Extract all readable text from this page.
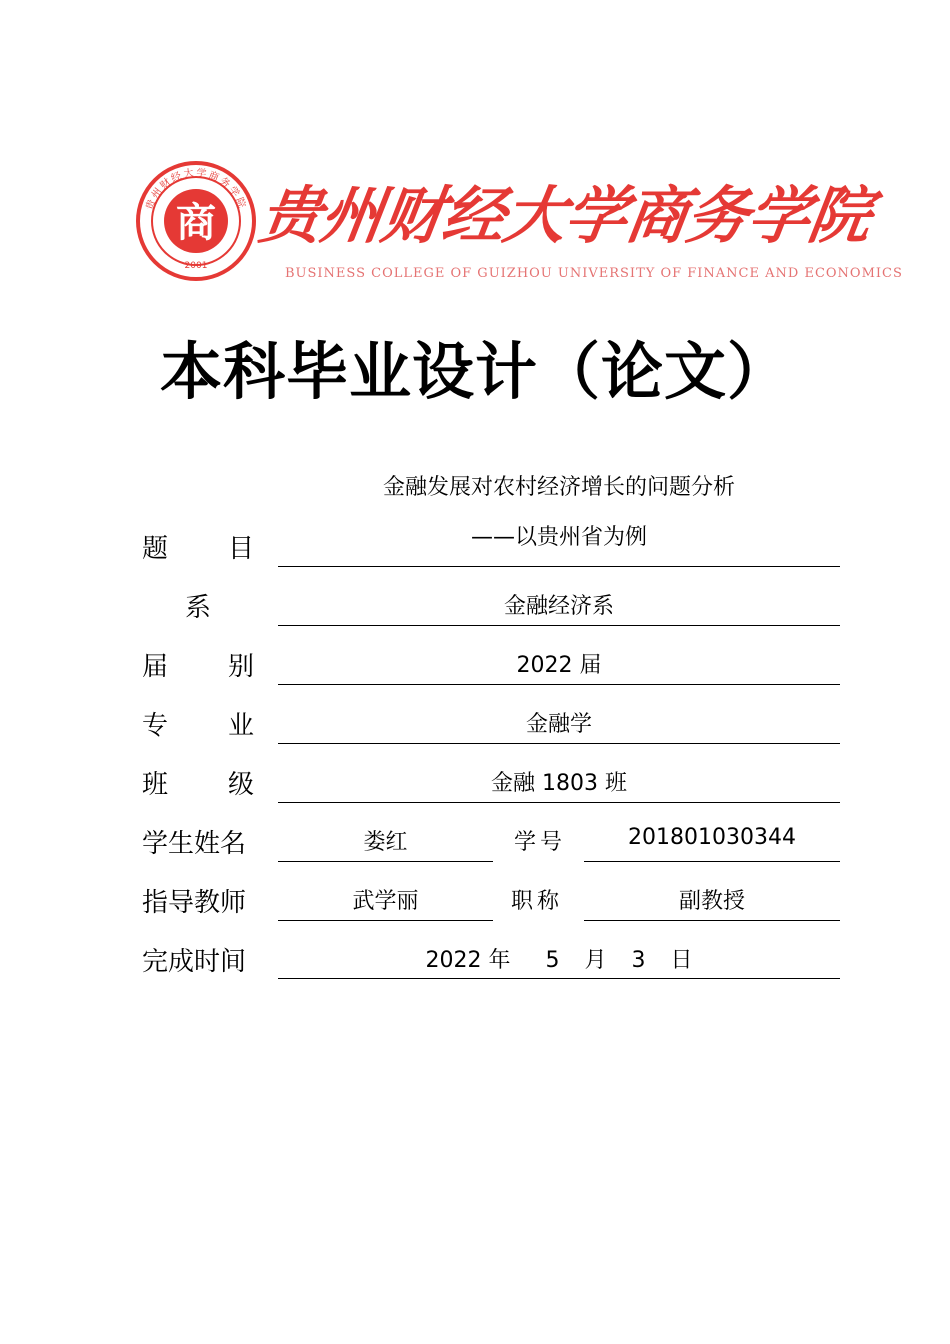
商
2001
贵州财经大学商务学院 贵州财经大学商务学院
BUSINESS COLLEGE OF GUIZHOU UNIVERSITY OF FINANCE AND ECONOMICS
本科毕业设计（论文）
金融发展对农村经济增长的问题分析
题 目	——以贵州省为例
系	金融经济系
届 别	2022 届
专 业	金融学
班 级	金融 1803 班
学生姓名	娄红	学号	201801030344
指导教师	武学丽	职称	副教授
完成时间	2022 年 5 月 3 日
